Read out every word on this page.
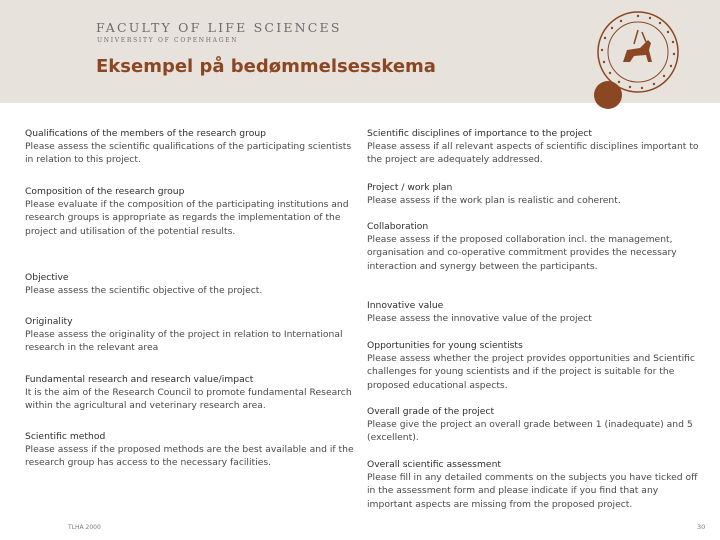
FACULTY OF LIFE SCIENCES
UNIVERSITY OF COPENHAGEN
Eksempel på bedømmelsesskema
Qualifications of the members of the research group
Please assess the scientific qualifications of the participating scientists in relation to this project.
Composition of the research group
Please evaluate if the composition of the participating institutions and research groups is appropriate as regards the implementation of the project and utilisation of the potential results.
Objective
Please assess the scientific objective of the project.
Originality
Please assess the originality of the project in relation to International research in the relevant area
Fundamental research and research value/impact
It is the aim of the Research Council to promote fundamental Research within the agricultural and veterinary research area.
Scientific method
Please assess if the proposed methods are the best available and if the research group has access to the necessary facilities.
Scientific disciplines of importance to the project
Please assess if all relevant aspects of scientific disciplines important to the project are adequately addressed.
Project / work plan
Please assess if the work plan is realistic and coherent.
Collaboration
Please assess if the proposed collaboration incl. the management, organisation and co-operative commitment provides the necessary interaction and synergy between the participants.
Innovative value
Please assess the innovative value of the project
Opportunities for young scientists
Please assess whether the project provides opportunities and Scientific challenges for young scientists and if the project is suitable for the proposed educational aspects.
Overall grade of the project
Please give the project an overall grade between 1 (inadequate) and 5 (excellent).
Overall scientific assessment
Please fill in any detailed comments on the subjects you have ticked off in the assessment form and please indicate if you find that any important aspects are missing from the proposed project.
TLHA 2000	30
